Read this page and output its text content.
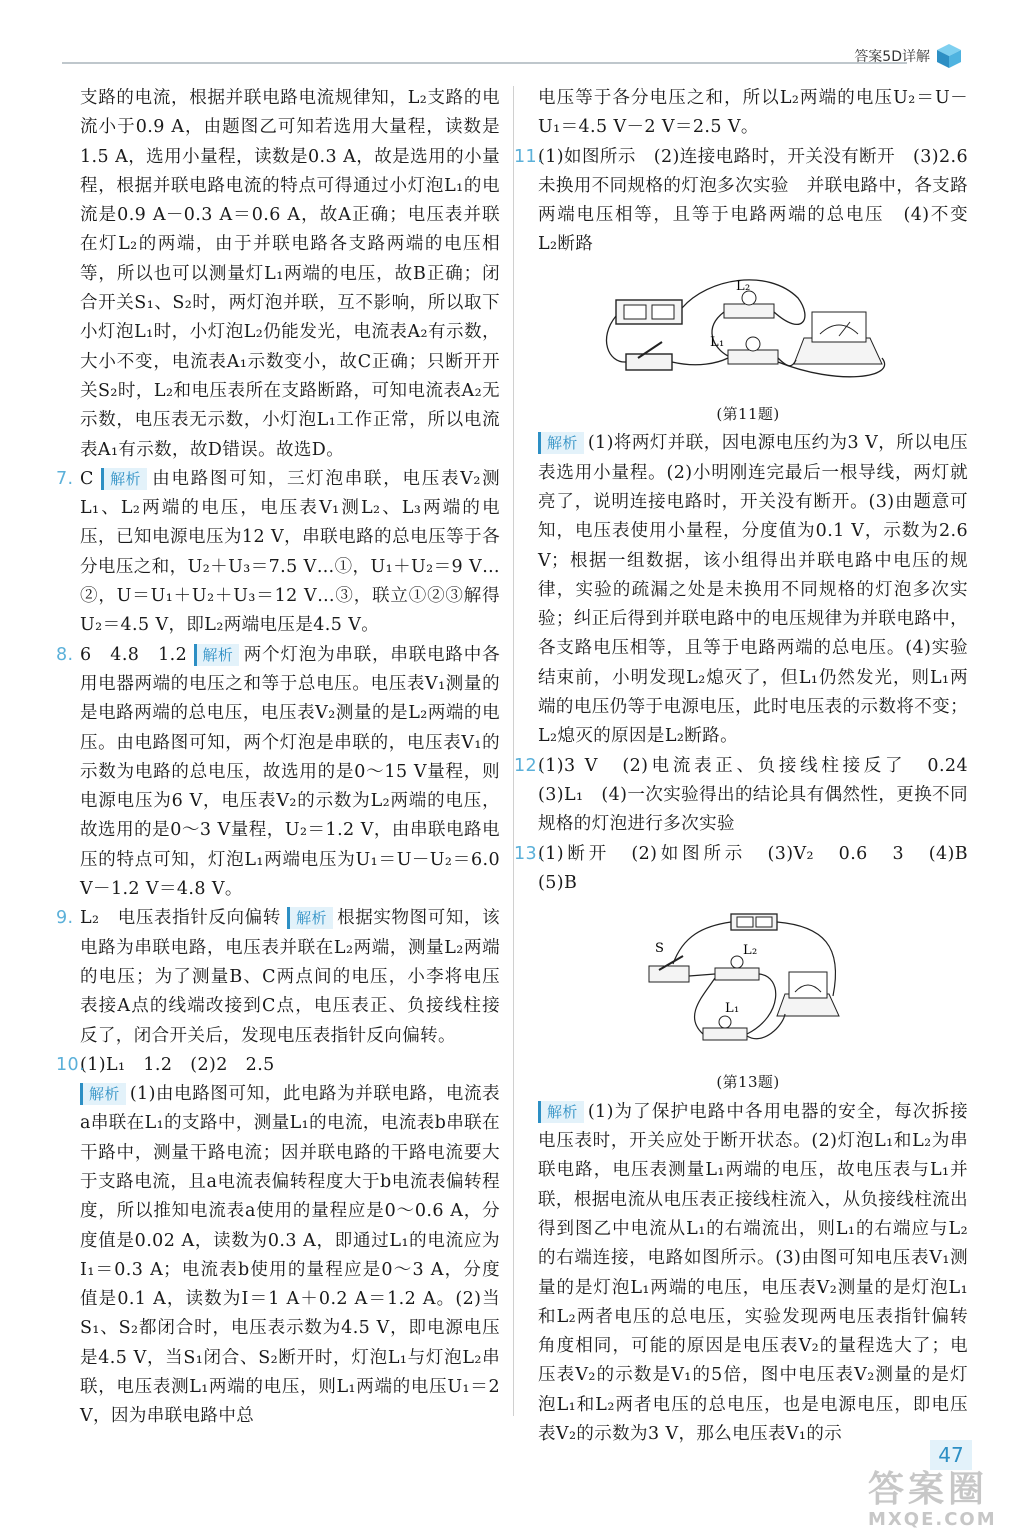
答案5D详解

支路的电流，根据并联电路电流规律知，L₂支路的电流小于0.9 A，由题图乙可知若选用大量程，读数是1.5 A，选用小量程，读数是0.3 A，故是选用的小量程，根据并联电路电流的特点可得通过小灯泡L₁的电流是0.9 A－0.3 A＝0.6 A，故A正确；电压表并联在灯L₂的两端，由于并联电路各支路两端的电压相等，所以也可以测量灯L₁两端的电压，故B正确；闭合开关S₁、S₂时，两灯泡并联，互不影响，所以取下小灯泡L₁时，小灯泡L₂仍能发光，电流表A₂有示数，大小不变，电流表A₁示数变小，故C正确；只断开开关S₂时，L₂和电压表所在支路断路，可知电流表A₂无示数，电压表无示数，小灯泡L₁工作正常，所以电流表A₁有示数，故D错误。故选D。

7. C 解析 由电路图可知，三灯泡串联，电压表V₂测L₁、L₂两端的电压，电压表V₁测L₂、L₃两端的电压，已知电源电压为12 V，串联电路的总电压等于各分电压之和，U₂＋U₃＝7.5 V…①，U₁＋U₂＝9 V…②，U＝U₁＋U₂＋U₃＝12 V…③，联立①②③解得U₂＝4.5 V，即L₂两端电压是4.5 V。

8. 6　4.8　1.2 解析 两个灯泡为串联，串联电路中各用电器两端的电压之和等于总电压。电压表V₁测量的是电路两端的总电压，电压表V₂测量的是L₂两端的电压。由电路图可知，两个灯泡是串联的，电压表V₁的示数为电路的总电压，故选用的是0～15 V量程，则电源电压为6 V，电压表V₂的示数为L₂两端的电压，故选用的是0～3 V量程，U₂＝1.2 V，由串联电路电压的特点可知，灯泡L₁两端电压为U₁＝U－U₂＝6.0 V－1.2 V＝4.8 V。

9. L₂　电压表指针反向偏转 解析 根据实物图可知，该电路为串联电路，电压表并联在L₂两端，测量L₂两端的电压；为了测量B、C两点间的电压，小李将电压表接A点的线端改接到C点，电压表正、负接线柱接反了，闭合开关后，发现电压表指针反向偏转。

10.
(1)L₁　1.2　(2)2　2.5
解析 (1)由电路图可知，此电路为并联电路，电流表a串联在L₁的支路中，测量L₁的电流，电流表b串联在干路中，测量干路电流；因并联电路的干路电流要大于支路电流，且a电流表偏转程度大于b电流表偏转程度，所以推知电流表a使用的量程应是0～0.6 A，分度值是0.02 A，读数为0.3 A，即通过L₁的电流应为I₁＝0.3 A；电流表b使用的量程应是0～3 A，分度值是0.1 A，读数为I＝1 A＋0.2 A＝1.2 A。(2)当S₁、S₂都闭合时，电压表示数为4.5 V，即电源电压是4.5 V，当S₁闭合、S₂断开时，灯泡L₁与灯泡L₂串联，电压表测L₁两端的电压，则L₁两端的电压U₁＝2 V，因为串联电路中总

电压等于各分电压之和，所以L₂两端的电压U₂＝U－U₁＝4.5 V－2 V＝2.5 V。

11.
(1)如图所示　(2)连接电路时，开关没有断开　(3)2.6　未换用不同规格的灯泡多次实验　并联电路中，各支路两端电压相等，且等于电路两端的总电压　(4)不变　L₂断路

L₂
L₁
(第11题)

解析 (1)将两灯并联，因电源电压约为3 V，所以电压表选用小量程。(2)小明刚连完最后一根导线，两灯就亮了，说明连接电路时，开关没有断开。(3)由题意可知，电压表使用小量程，分度值为0.1 V，示数为2.6 V；根据一组数据，该小组得出并联电路中电压的规律，实验的疏漏之处是未换用不同规格的灯泡多次实验；纠正后得到并联电路中的电压规律为并联电路中，各支路电压相等，且等于电路两端的总电压。(4)实验结束前，小明发现L₂熄灭了，但L₁仍然发光，则L₁两端的电压仍等于电源电压，此时电压表的示数将不变；L₂熄灭的原因是L₂断路。

12.
(1)3 V　(2)电流表正、负接线柱接反了　0.24　(3)L₁　(4)一次实验得出的结论具有偶然性，更换不同规格的灯泡进行多次实验

13.
(1)断开　(2)如图所示　(3)V₂　0.6　3　(4)B　(5)B

S	L₂
L₁
(第13题)

解析 (1)为了保护电路中各用电器的安全，每次拆接电压表时，开关应处于断开状态。(2)灯泡L₁和L₂为串联电路，电压表测量L₁两端的电压，故电压表与L₁并联，根据电流从电压表正接线柱流入，从负接线柱流出得到图乙中电流从L₁的右端流出，则L₁的右端应与L₂的右端连接，电路如图所示。(3)由图可知电压表V₁测量的是灯泡L₁两端的电压，电压表V₂测量的是灯泡L₁和L₂两者电压的总电压，实验发现两电压表指针偏转角度相同，可能的原因是电压表V₂的量程选大了；电压表V₂的示数是V₁的5倍，图中电压表V₂测量的是灯泡L₁和L₂两者电压的总电压，也是电源电压，即电压表V₂的示数为3 V，那么电压表V₁的示

47
答案圈
MXQE.COM
